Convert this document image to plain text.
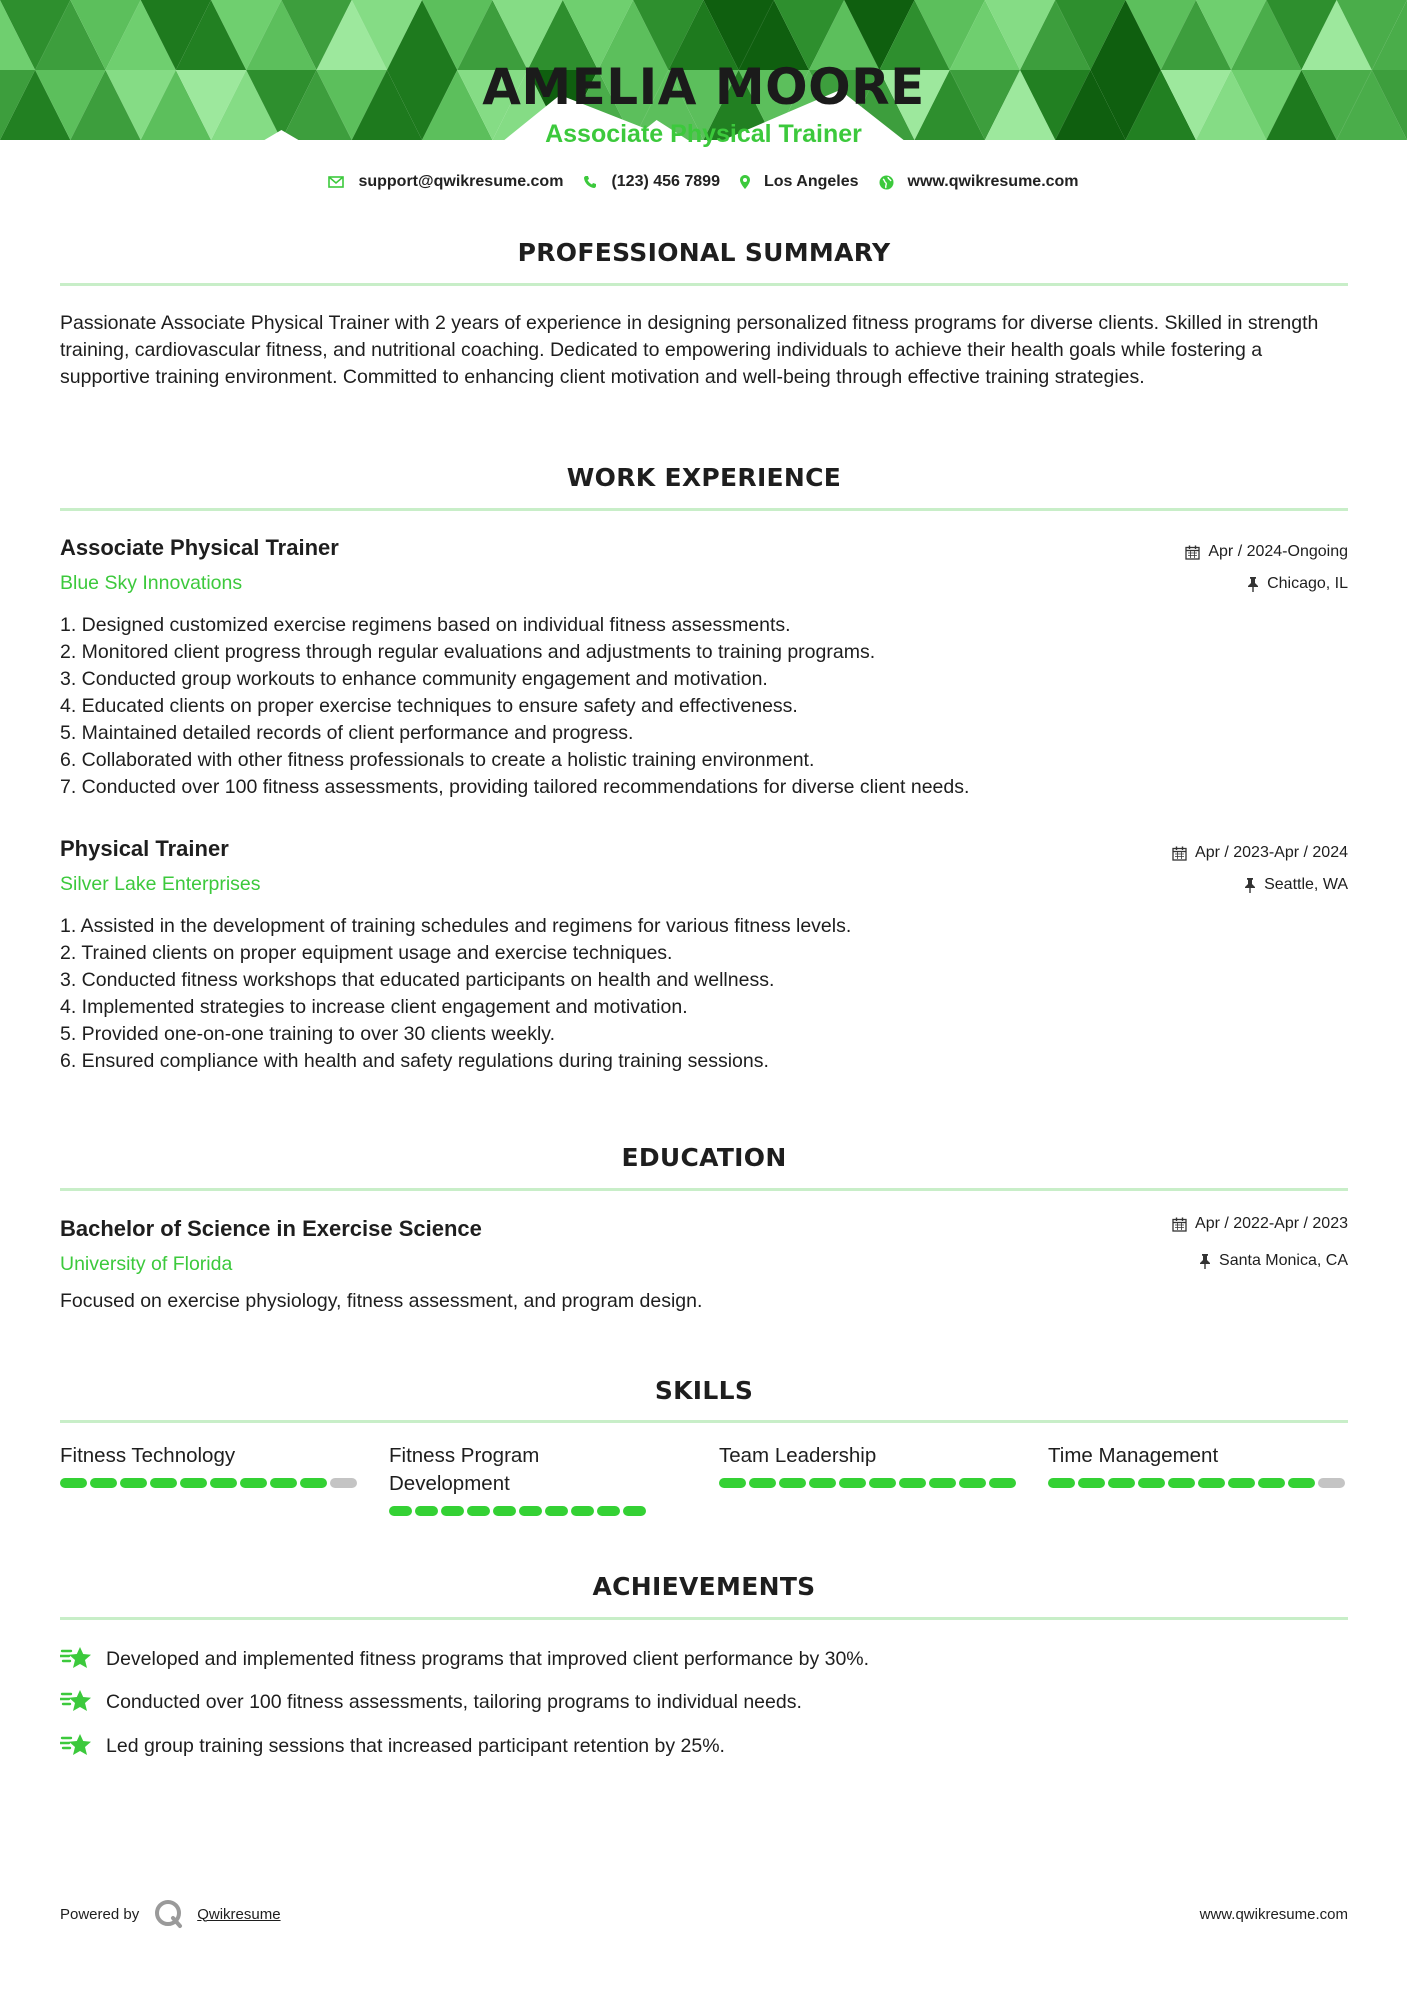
AMELIA MOORE
Associate Physical Trainer
support@qwikresume.com	(123) 456 7899	Los Angeles	www.qwikresume.com
PROFESSIONAL SUMMARY
Passionate Associate Physical Trainer with 2 years of experience in designing personalized fitness programs for diverse clients. Skilled in strength training, cardiovascular fitness, and nutritional coaching. Dedicated to empowering individuals to achieve their health goals while fostering a supportive training environment. Committed to enhancing client motivation and well-being through effective training strategies.
WORK EXPERIENCE
Associate Physical Trainer
Blue Sky Innovations
Apr / 2024-Ongoing
Chicago, IL
1. Designed customized exercise regimens based on individual fitness assessments.
2. Monitored client progress through regular evaluations and adjustments to training programs.
3. Conducted group workouts to enhance community engagement and motivation.
4. Educated clients on proper exercise techniques to ensure safety and effectiveness.
5. Maintained detailed records of client performance and progress.
6. Collaborated with other fitness professionals to create a holistic training environment.
7. Conducted over 100 fitness assessments, providing tailored recommendations for diverse client needs.
Physical Trainer
Silver Lake Enterprises
Apr / 2023-Apr / 2024
Seattle, WA
1. Assisted in the development of training schedules and regimens for various fitness levels.
2. Trained clients on proper equipment usage and exercise techniques.
3. Conducted fitness workshops that educated participants on health and wellness.
4. Implemented strategies to increase client engagement and motivation.
5. Provided one-on-one training to over 30 clients weekly.
6. Ensured compliance with health and safety regulations during training sessions.
EDUCATION
Bachelor of Science in Exercise Science
University of Florida
Apr / 2022-Apr / 2023
Santa Monica, CA
Focused on exercise physiology, fitness assessment, and program design.
SKILLS
Fitness Technology	Fitness Program Development
Team Leadership	Time Management
ACHIEVEMENTS
Developed and implemented fitness programs that improved client performance by 30%.
Conducted over 100 fitness assessments, tailoring programs to individual needs.
Led group training sessions that increased participant retention by 25%.
Powered by	Qwikresume	www.qwikresume.com
